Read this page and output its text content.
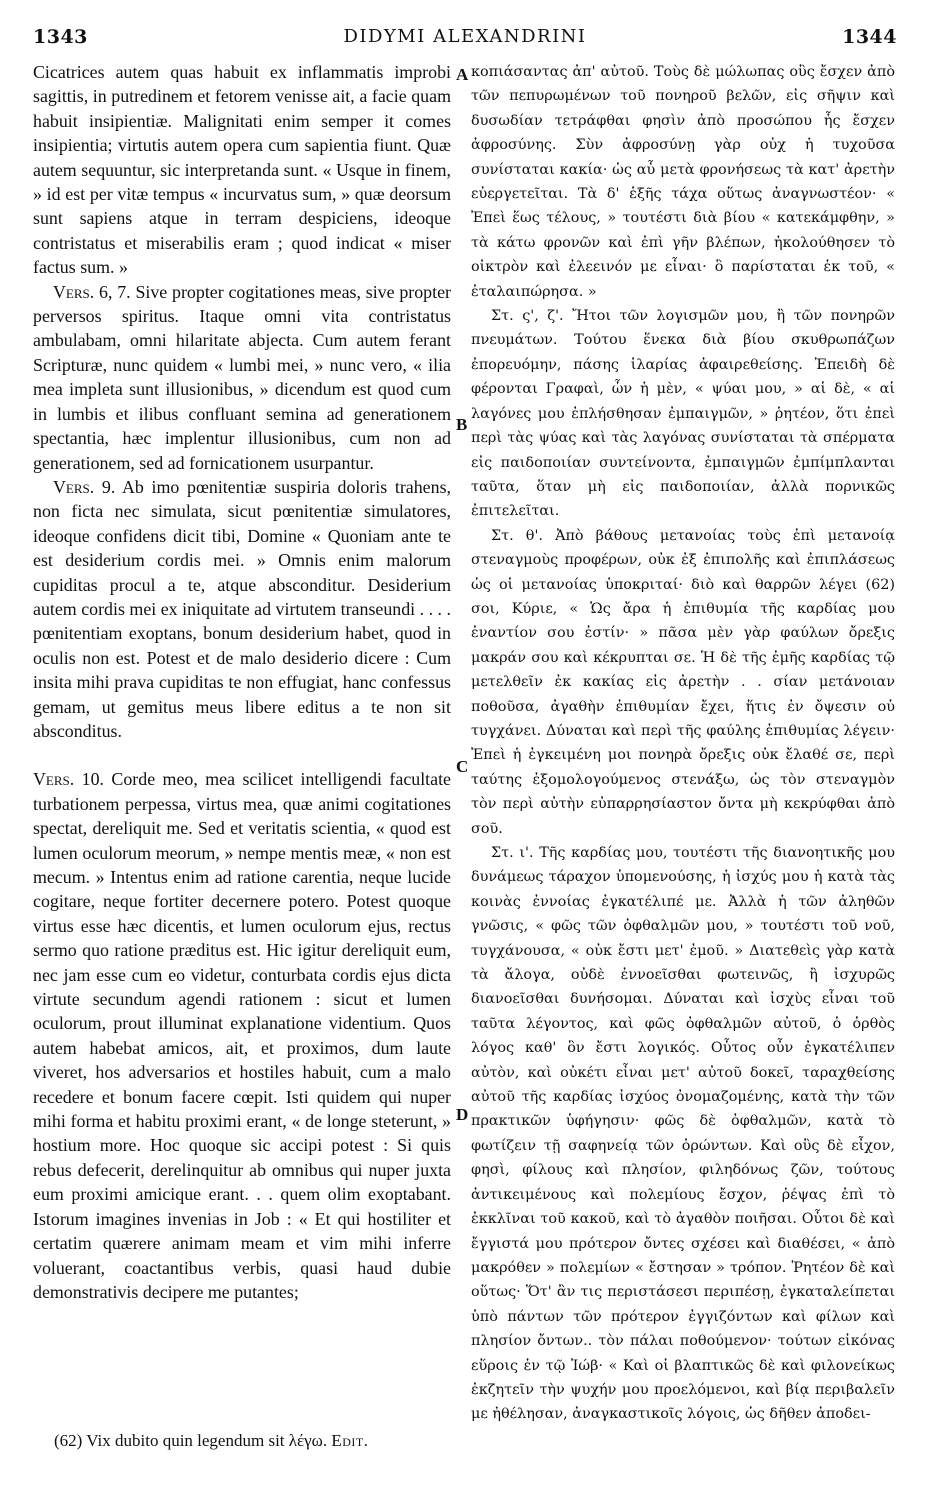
1343	DIDYMI ALEXANDRINI	1344

Cicatrices autem quas habuit ex inflammatis improbi sagittis, in putredinem et fetorem venisse ait, a facie quam habuit insipientiæ. Malignitati enim semper it comes insipientia; virtutis autem opera cum sapientia fiunt. Quæ autem sequuntur, sic interpretanda sunt. « Usque in finem, » id est per vitæ tempus « incurvatus sum, » quæ deorsum sunt sapiens atque in terram despiciens, ideoque contristatus et miserabilis eram ; quod indicat « miser factus sum. »

Vers. 6, 7. Sive propter cogitationes meas, sive propter perversos spiritus. Itaque omni vita contristatus ambulabam, omni hilaritate abjecta. Cum autem ferant Scripturæ, nunc quidem « lumbi mei, » nunc vero, « ilia mea impleta sunt illusionibus, » dicendum est quod cum in lumbis et ilibus confluant semina ad generationem spectantia, hæc implentur illusionibus, cum non ad generationem, sed ad fornicationem usurpantur.

Vers. 9. Ab imo pœnitentiæ suspiria doloris trahens, non ficta nec simulata, sicut pœnitentiæ simulatores, ideoque confidens dicit tibi, Domine « Quoniam ante te est desiderium cordis mei. » Omnis enim malorum cupiditas procul a te, atque absconditur. Desiderium autem cordis mei ex iniquitate ad virtutem transeundi . . . . pœnitentiam exoptans, bonum desiderium habet, quod in oculis non est. Potest et de malo desiderio dicere : Cum insita mihi prava cupiditas te non effugiat, hanc confessus gemam, ut gemitus meus libere editus a te non sit absconditus.

Vers. 10. Corde meo, mea scilicet intelligendi facultate turbationem perpessa, virtus mea, quæ animi cogitationes spectat, dereliquit me. Sed et veritatis scientia, « quod est lumen oculorum meorum, » nempe mentis meæ, « non est mecum. » Intentus enim ad ratione carentia, neque lucide cogitare, neque fortiter decernere potero. Potest quoque virtus esse hæc dicentis, et lumen oculorum ejus, rectus sermo quo ratione præditus est. Hic igitur dereliquit eum, nec jam esse cum eo videtur, conturbata cordis ejus dicta virtute secundum agendi rationem : sicut et lumen oculorum, prout illuminat explanatione videntium. Quos autem habebat amicos, ait, et proximos, dum laute viveret, hos adversarios et hostiles habuit, cum a malo recedere et bonum facere cœpit. Isti quidem qui nuper mihi forma et habitu proximi erant, « de longe steterunt, » hostium more. Hoc quoque sic accipi potest : Si quis rebus defecerit, derelinquitur ab omnibus qui nuper juxta eum proximi amicique erant. . . quem olim exoptabant. Istorum imagines invenias in Job : « Et qui hostiliter et certatim quærere animam meam et vim mihi inferre voluerant, coactantibus verbis, quasi haud dubie demonstrativis decipere me putantes;

A
B
C
D

κοπιάσαντας ἀπ' αὐτοῦ. Τοὺς δὲ μώλωπας οὓς ἔσχεν ἀπὸ τῶν πεπυρωμένων τοῦ πονηροῦ βελῶν, εἰς σῆψιν καὶ δυσωδίαν τετράφθαι φησὶν ἀπὸ προσώπου ἧς ἔσχεν ἀφροσύνης. Σὺν ἀφροσύνῃ γὰρ οὐχ ἡ τυχοῦσα συνίσταται κακία· ὡς αὖ μετὰ φρονήσεως τὰ κατ' ἀρετὴν εὐεργετεῖται. Τὰ δ' ἑξῆς τάχα οὕτως ἀναγνωστέον· « Ἐπεὶ ἕως τέλους, » τουτέστι διὰ βίου « κατεκάμφθην, » τὰ κάτω φρονῶν καὶ ἐπὶ γῆν βλέπων, ἠκολούθησεν τὸ οἰκτρὸν καὶ ἐλεεινόν με εἶναι· ὃ παρίσταται ἐκ τοῦ, « ἐταλαιπώρησα. »

Στ. ς', ζ'. Ἤτοι τῶν λογισμῶν μου, ἢ τῶν πονηρῶν πνευμάτων. Τούτου ἕνεκα διὰ βίου σκυθρωπάζων ἐπορευόμην, πάσης ἱλαρίας ἀφαιρεθείσης. Ἐπειδὴ δὲ φέρονται Γραφαὶ, ὧν ἡ μὲν, « ψύαι μου, » αἱ δὲ, « αἱ λαγόνες μου ἐπλήσθησαν ἐμπαιγμῶν, » ῥητέον, ὅτι ἐπεὶ περὶ τὰς ψύας καὶ τὰς λαγόνας συνίσταται τὰ σπέρματα εἰς παιδοποιίαν συντείνοντα, ἐμπαιγμῶν ἐμπίμπλανται ταῦτα, ὅταν μὴ εἰς παιδοποιίαν, ἀλλὰ πορνικῶς ἐπιτελεῖται.

Στ. θ'. Ἀπὸ βάθους μετανοίας τοὺς ἐπὶ μετανοίᾳ στεναγμοὺς προφέρων, οὐκ ἐξ ἐπιπολῆς καὶ ἐπιπλάσεως ὡς οἱ μετανοίας ὑποκριταί· διὸ καὶ θαρρῶν λέγει (62) σοι, Κύριε, « Ὡς ἄρα ἡ ἐπιθυμία τῆς καρδίας μου ἐναντίον σου ἐστίν· » πᾶσα μὲν γὰρ φαύλων ὄρεξις μακράν σου καὶ κέκρυπται σε. Ἡ δὲ τῆς ἐμῆς καρδίας τῷ μετελθεῖν ἐκ κακίας εἰς ἀρετὴν . . σίαν μετάνοιαν ποθοῦσα, ἀγαθὴν ἐπιθυμίαν ἔχει, ἥτις ἐν ὄψεσιν οὐ τυγχάνει. Δύναται καὶ περὶ τῆς φαύλης ἐπιθυμίας λέγειν· Ἐπεὶ ἡ ἐγκειμένη μοι πονηρὰ ὄρεξις οὐκ ἔλαθέ σε, περὶ ταύτης ἐξομολογούμενος στενάξω, ὡς τὸν στεναγμὸν τὸν περὶ αὐτὴν εὐπαρρησίαστον ὄντα μὴ κεκρύφθαι ἀπὸ σοῦ.

Στ. ι'. Τῆς καρδίας μου, τουτέστι τῆς διανοητικῆς μου δυνάμεως τάραχον ὑπομενούσης, ἡ ἰσχύς μου ἡ κατὰ τὰς κοινὰς ἐννοίας ἐγκατέλιπέ με. Ἀλλὰ ἡ τῶν ἀληθῶν γνῶσις, « φῶς τῶν ὀφθαλμῶν μου, » τουτέστι τοῦ νοῦ, τυγχάνουσα, « οὐκ ἔστι μετ' ἐμοῦ. » Διατεθεὶς γὰρ κατὰ τὰ ἄλογα, οὐδὲ ἐννοεῖσθαι φωτεινῶς, ἢ ἰσχυρῶς διανοεῖσθαι δυνήσομαι. Δύναται καὶ ἰσχὺς εἶναι τοῦ ταῦτα λέγοντος, καὶ φῶς ὀφθαλμῶν αὐτοῦ, ὁ ὀρθὸς λόγος καθ' ὃν ἔστι λογικός. Οὗτος οὖν ἐγκατέλιπεν αὐτὸν, καὶ οὐκέτι εἶναι μετ' αὐτοῦ δοκεῖ, ταραχθείσης αὐτοῦ τῆς καρδίας ἰσχύος ὀνομαζομένης, κατὰ τὴν τῶν πρακτικῶν ὑφήγησιν· φῶς δὲ ὀφθαλμῶν, κατὰ τὸ φωτίζειν τῇ σαφηνείᾳ τῶν ὁρώντων. Καὶ οὓς δὲ εἶχον, φησὶ, φίλους καὶ πλησίον, φιληδόνως ζῶν, τούτους ἀντικειμένους καὶ πολεμίους ἔσχον, ῥέψας ἐπὶ τὸ ἐκκλῖναι τοῦ κακοῦ, καὶ τὸ ἀγαθὸν ποιῆσαι. Οὗτοι δὲ καὶ ἔγγιστά μου πρότερον ὄντες σχέσει καὶ διαθέσει, « ἀπὸ μακρόθεν » πολεμίων « ἔστησαν » τρόπον. Ῥητέον δὲ καὶ οὕτως· Ὅτ' ἂν τις περιστάσεσι περιπέσῃ, ἐγκαταλείπεται ὑπὸ πάντων τῶν πρότερον ἐγγιζόντων καὶ φίλων καὶ πλησίον ὄντων.. τὸν πάλαι ποθούμενον· τούτων εἰκόνας εὕροις ἐν τῷ Ἰώβ· « Καὶ οἱ βλαπτικῶς δὲ καὶ φιλονείκως ἐκζητεῖν τὴν ψυχήν μου προελόμενοι, καὶ βίᾳ περιβαλεῖν με ἠθέλησαν, ἀναγκαστικοῖς λόγοις, ὡς δῆθεν ἀποδει-

(62) Vix dubito quin legendum sit λέγω. Edit.
